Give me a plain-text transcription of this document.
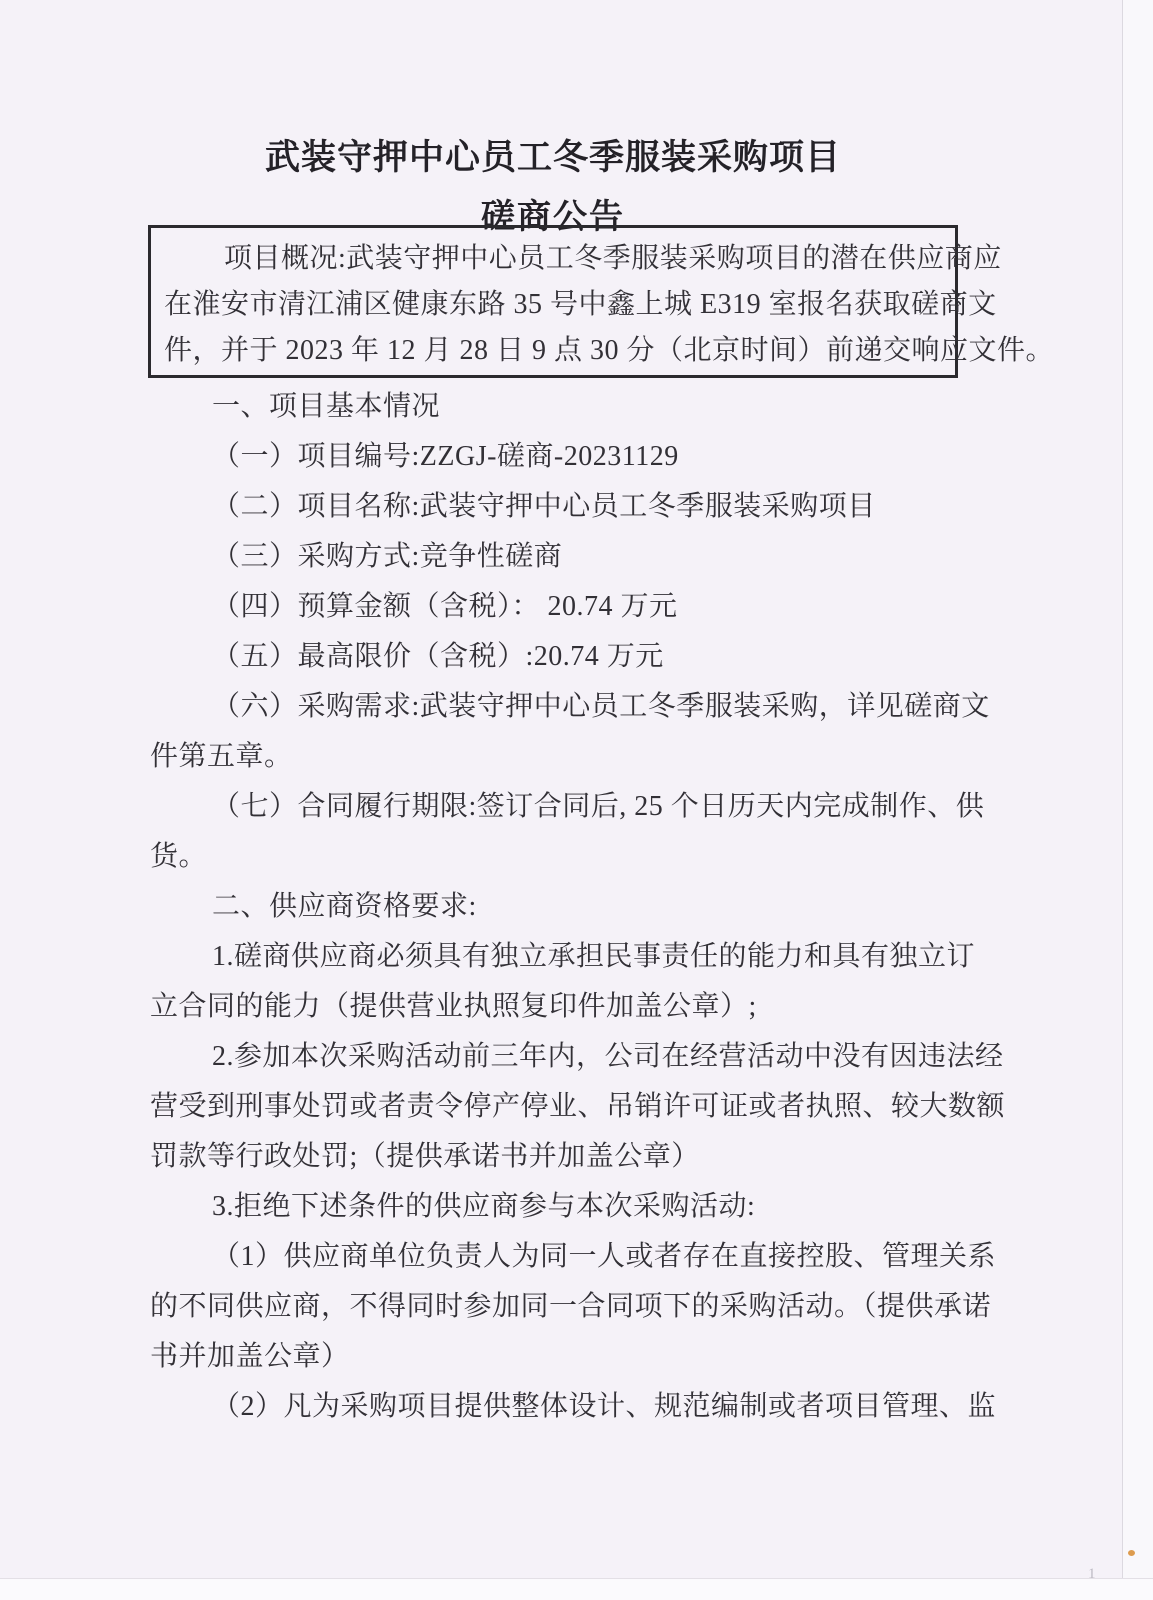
武装守押中心员工冬季服装采购项目
磋商公告
项目概况:武装守押中心员工冬季服装采购项目的潜在供应商应
在淮安市清江浦区健康东路 35 号中鑫上城 E319 室报名获取磋商文
件，并于 2023 年 12 月 28 日 9 点 30 分（北京时间）前递交响应文件。
一、项目基本情况
（一）项目编号:ZZGJ-磋商-20231129
（二）项目名称:武装守押中心员工冬季服装采购项目
（三）采购方式:竞争性磋商
（四）预算金额（含税）： 20.74 万元
（五）最高限价（含税）:20.74 万元
（六）采购需求:武装守押中心员工冬季服装采购，详见磋商文
件第五章。
（七）合同履行期限:签订合同后, 25 个日历天内完成制作、供
货。
二、供应商资格要求:
1.磋商供应商必须具有独立承担民事责任的能力和具有独立订
立合同的能力（提供营业执照复印件加盖公章）;
2.参加本次采购活动前三年内，公司在经营活动中没有因违法经
营受到刑事处罚或者责令停产停业、吊销许可证或者执照、较大数额
罚款等行政处罚;（提供承诺书并加盖公章）
3.拒绝下述条件的供应商参与本次采购活动:
（1）供应商单位负责人为同一人或者存在直接控股、管理关系
的不同供应商，不得同时参加同一合同项下的采购活动。（提供承诺
书并加盖公章）
（2）凡为采购项目提供整体设计、规范编制或者项目管理、监
1
